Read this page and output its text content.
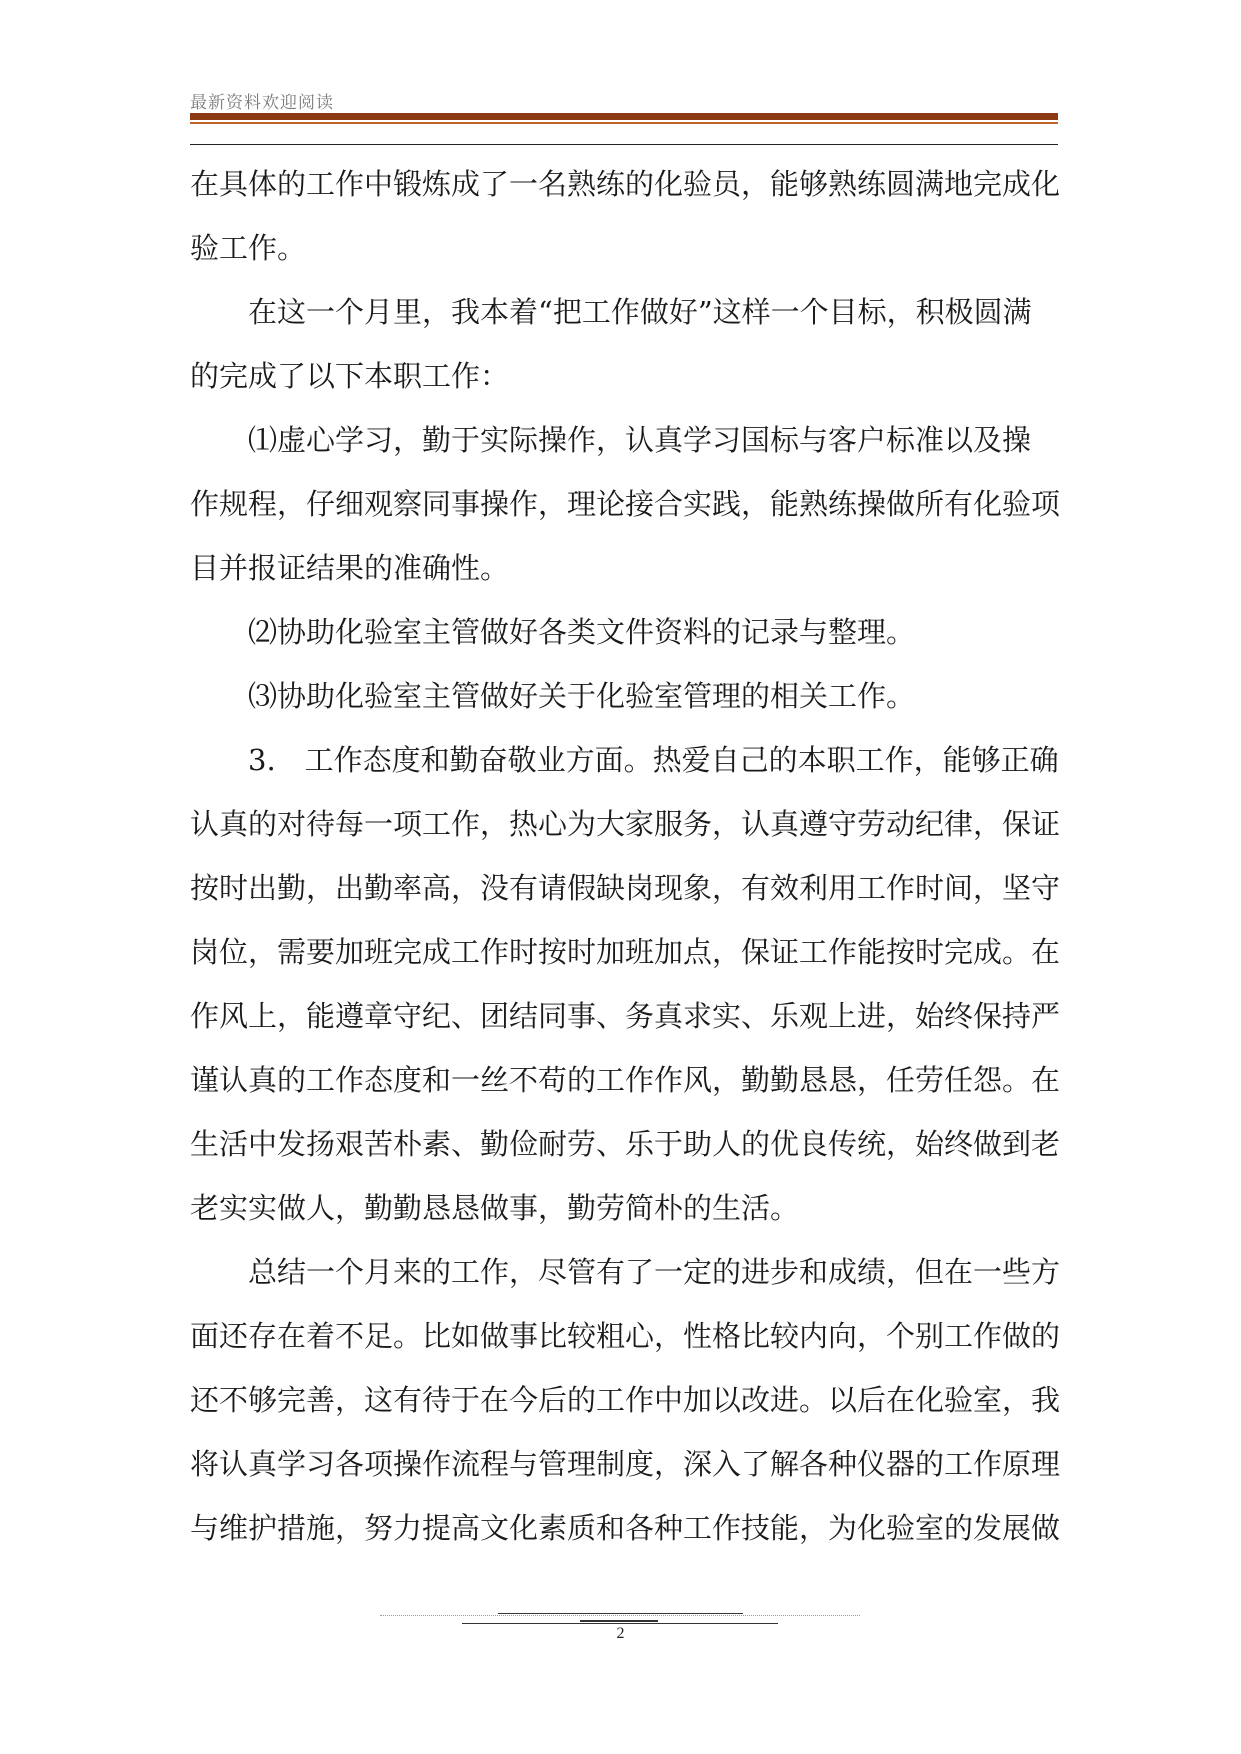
最新资料欢迎阅读
在具体的工作中锻炼成了一名熟练的化验员，能够熟练圆满地完成化
验工作。
在这一个月里，我本着“把工作做好”这样一个目标，积极圆满
的完成了以下本职工作：
⑴虚心学习，勤于实际操作，认真学习国标与客户标准以及操
作规程，仔细观察同事操作，理论接合实践，能熟练操做所有化验项
目并报证结果的准确性。
⑵协助化验室主管做好各类文件资料的记录与整理。
⑶协助化验室主管做好关于化验室管理的相关工作。
3.　工作态度和勤奋敬业方面。热爱自己的本职工作，能够正确
认真的对待每一项工作，热心为大家服务，认真遵守劳动纪律，保证
按时出勤，出勤率高，没有请假缺岗现象，有效利用工作时间，坚守
岗位，需要加班完成工作时按时加班加点，保证工作能按时完成。在
作风上，能遵章守纪、团结同事、务真求实、乐观上进，始终保持严
谨认真的工作态度和一丝不苟的工作作风，勤勤恳恳，任劳任怨。在
生活中发扬艰苦朴素、勤俭耐劳、乐于助人的优良传统，始终做到老
老实实做人，勤勤恳恳做事，勤劳简朴的生活。
总结一个月来的工作，尽管有了一定的进步和成绩，但在一些方
面还存在着不足。比如做事比较粗心，性格比较内向，个别工作做的
还不够完善，这有待于在今后的工作中加以改进。以后在化验室，我
将认真学习各项操作流程与管理制度，深入了解各种仪器的工作原理
与维护措施，努力提高文化素质和各种工作技能，为化验室的发展做
2
